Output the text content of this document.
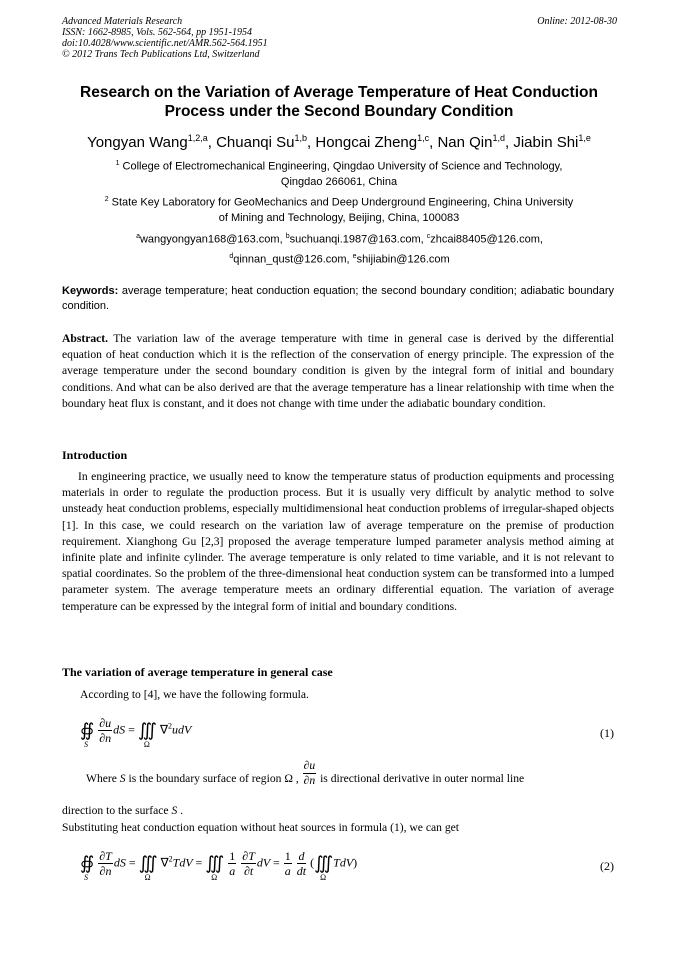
Advanced Materials Research
ISSN: 1662-8985, Vols. 562-564, pp 1951-1954
doi:10.4028/www.scientific.net/AMR.562-564.1951
© 2012 Trans Tech Publications Ltd, Switzerland
Online: 2012-08-30
Research on the Variation of Average Temperature of Heat Conduction
Process under the Second Boundary Condition
Yongyan Wang$^{1,2,a}$, Chuanqi Su$^{1,b}$, Hongcai Zheng$^{1,c}$, Nan Qin$^{1,d}$, Jiabin Shi$^{1,e}$
$^1$ College of Electromechanical Engineering, Qingdao University of Science and Technology,
Qingdao 266061, China
$^2$ State Key Laboratory for GeoMechanics and Deep Underground Engineering, China University
of Mining and Technology, Beijing, China, 100083
$^a$wangyongyan168@163.com, $^b$suchuanqi.1987@163.com, $^c$zhcai88405@126.com,
$^d$qinnan_qust@126.com, $^e$shijiabin@126.com
Keywords: average temperature; heat conduction equation; the second boundary condition; adiabatic boundary condition.
Abstract. The variation law of the average temperature with time in general case is derived by the differential equation of heat conduction which it is the reflection of the conservation of energy principle. The expression of the average temperature under the second boundary condition is given by the integral form of initial and boundary conditions. And what can be also derived are that the average temperature has a linear relationship with time when the boundary heat flux is constant, and it does not change with time under the adiabatic boundary condition.
Introduction
In engineering practice, we usually need to know the temperature status of production equipments and processing materials in order to regulate the production process. But it is usually very difficult by analytic method to solve unsteady heat conduction problems, especially multidimensional heat conduction problems of irregular-shaped objects [1]. In this case, we could research on the variation law of average temperature on the premise of production requirement. Xianghong Gu [2,3] proposed the average temperature lumped parameter analysis method aiming at infinite plate and infinite cylinder. The average temperature is only related to time variable, and it is not relevant to spatial coordinates. So the problem of the three-dimensional heat conduction system can be transformed into a lumped parameter system. The average temperature meets an ordinary differential equation. The variation of average temperature can be expressed by the integral form of initial and boundary conditions.
The variation of average temperature in general case
According to [4], we have the following formula.
∯
S
$\frac{\partial u}{\partial n}$ dS = ∭
Ω
∇$^2$udV	(1)
Where S is the boundary surface of region Ω , $\frac{\partial u}{\partial n}$ is directional derivative in outer normal line
direction to the surface S .
Substituting heat conduction equation without heat sources in formula (1), we can get
∯
S
$\frac{\partial T}{\partial n}$ dS = ∭
Ω
∇$^2$TdV = ∭
Ω
$\frac{1}{a}$
$\frac{\partial T}{\partial t}$ dV = $\frac{1}{a}$
$\frac{d}{dt}$ (∭
Ω
TdV)	(2)
